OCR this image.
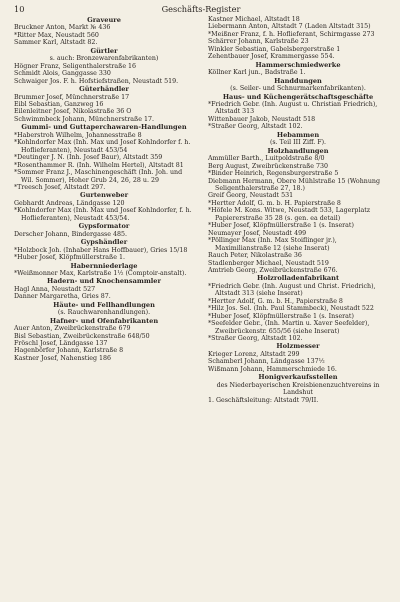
10	Geschäfts-Register
Graveure
Bruckner Anton, Markt № 436
*Ritter Max, Neustadt 560
Sammer Karl, Altstadt 82.
Gürtler
s. auch: Bronzewarenfabrikanten)
Högner Franz, Seligenthalerstraße 16
Schmidt Alois, Ganggasse 330
Schwaiger Jos. F. h. Hofstiefstraßen, Neustadt 519.
Güterhändler
Brummer Josef, Münchnerstraße 17
Eibl Sebastian, Ganzweg 16
Eilenleitner Josef, Nikolastraße 36 O
Schwimmbeck Johann, Münchnerstraße 17.
Gummi- und Guttaperchawaren-Handlungen
*Haberstroh Wilhelm, Johannesstraße 8
*Kohlndorfer Max (Inh. Max und Josef Kohlndorfer f. h. Hoflieferanten), Neustadt 453/54
*Deutinger J. N. (Inh. Josef Baur), Altstadt 359
*Rosenthammer R. (Inh. Wilhelm Hertel), Altstadt 81
*Sommer Franz J., Maschinengeschäft (Inh. Joh. und Wil. Sommer), Hoher Grub 24, 26, 28 u. 29
*Treesch Josef, Altstadt 297.
Gurtenweber
Gebhardt Andreas, Ländgasse 120
*Kohlndorfer Max (Inh. Max und Josef Kohlndorfer, f. h. Hoflieferanten), Neustadt 453/54.
Gypsformator
Derscher Johann, Bindergasse 485.
Gypshändler
*Holzbock Joh. (Inhaber Hans Hoffbauer), Gries 15/18
*Huber Josef, Klöpfmüllerstraße 1.
Habernniederlage
*Weißmonner Max, Karlstraße 1½ (Comptoir-anstalt).
Hadern- und Knochensammler
Hagl Anna, Neustadt 527
Danner Margaretha, Gries 87.
Häute- und Fellhandlungen
(s. Rauchwarenhandlungen).
Hafner- und Ofenfabrikanten
Auer Anton, Zweibrückenstraße 679
Bisl Sebastian, Zweibrückenstraße 648/50
Fröschl Josef, Ländgasse 137
Hagenbörfer Johann, Karlstraße 8
Kastner Josef, Nahenstieg 186
Kastner Michael, Altstadt 18
Liebermann Anton, Altstadt 7 (Laden Altstadt 315)
*Meißner Franz, f. h. Hoflieferant, Schirmgasse 273
Schärrer Johann, Karlstraße 23
Winkler Sebastian, Gabelsbergerstraße 1
Zehentbauer Josef, Krammergasse 554.
Hammerschmiedwerke
Köllner Karl jun., Badstraße 1.
Handdungen
(s. Seiler- und Schnurmarkenfabrikanten).
Haus- und Küchengerätschaftsgeschäfte
*Friedrich Gebr. (Inh. August u. Christian Friedrich), Altstadt 313
Wittenbauer Jakob, Neustadt 518
*Straßer Georg, Altstadt 102.
Hebammen
(s. Teil III Ziff. F).
Holzhandlungen
Ammüller Barth., Luitpoldstraße 8/0
Berg August, Zweibrückenstraße 730
*Binder Heinrich, Regensburgerstraße 5
Diebmann Hermann, Obere Mühlstraße 15 (Wohnung Seligenthalerstraße 27, 18.)
Greif Georg, Neustadt 531
*Hertter Adolf, G. m. b. H. Papierstraße 8
*Höfele M. Kons. Witwe, Neustadt 533, Lagerplatz Papiererstraße 35 28 (s. gen. ea detail)
*Huber Josef, Klöpfmüllerstraße 1 (s. Inserat)
Neumayer Josef, Neustadt 499
*Pöllinger Max (Inh. Max Stoiflinger jr.), Maximilianstraße 12 (siehe Inserat)
Rauch Peter, Nikolastraße 36
Stadlenberger Michael, Neustadt 519
Amtrieb Georg, Zweibrückenstraße 676.
Holzrolladenfabrikant
*Friedrich Gebr. (Inh. August und Christ. Friedrich), Altstadt 313 (siehe Inserat)
*Hertter Adolf, G. m. b. H., Papierstraße 8
*Hilz Jos. Sel. (Inh. Paul Stammbeck), Neustadt 522
*Huber Josef, Klöpfmüllerstraße 1 (s. Inserat)
*Seefelder Gebr., (Inh. Martin u. Xaver Seefelder), Zweibrückenstr. 655/56 (siehe Inserat)
*Straßer Georg, Altstadt 102.
Holzmesser
Krieger Lorenz, Altstadt 299
Schamberl Johann, Ländgasse 137½
Wißmann Johann, Hammerschmiede 16.
Honigverkaufsstellen
des Niederbayerischen Kreisbienenzuchtvereins in Landshut
1. Geschäftsleitung: Altstadt 79/II.
